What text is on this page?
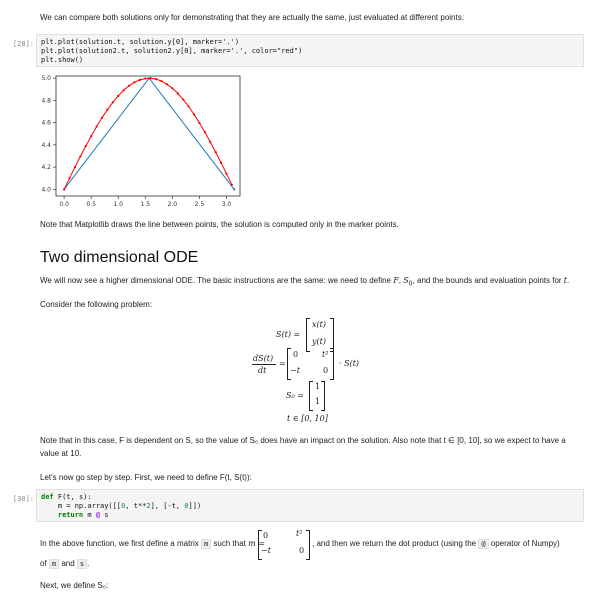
We can compare both solutions only for demonstrating that they are actually the same, just evaluated at different points:
[28]: plt.plot(solution.t, solution.y[0], marker='.')
plt.plot(solution2.t, solution2.y[0], marker='.', color="red")
plt.show()
0.0	0.5	1.0	1.5	2.0	2.5	3.0
4.0
4.2
4.4
4.6
4.8
5.0
Note that Matplotlib draws the line between points, the solution is computed only in the marker points.
Two dimensional ODE
We will now see a higher dimensional ODE. The basic instructions are the same: we need to define F, $S_0$, and the bounds and evaluation points for t.
Consider the following problem:
S(t) =
x(t)
y(t)
dS(t)
dt
=
0	t²
−t	0
· S(t)
S₀ =
1
1
t ∈ [0, 10]
Note that in this case, F is dependent on S, so the value of S₀ does have an impact on the solution. Also note that t ∈ [0, 10], so we expect to have a
value at 10.
Let's now go step by step. First, we need to define F(t, S(t)):
[30]: def F(t, s):
m = np.array([[0, t**2], [-t, 0]])
return m @ s
In the above function, we first define a matrix m such that m =
0	t²
−t	0
, and then we return the dot product (using the @ operator of Numpy)
of m and s .
Next, we define S₀:
